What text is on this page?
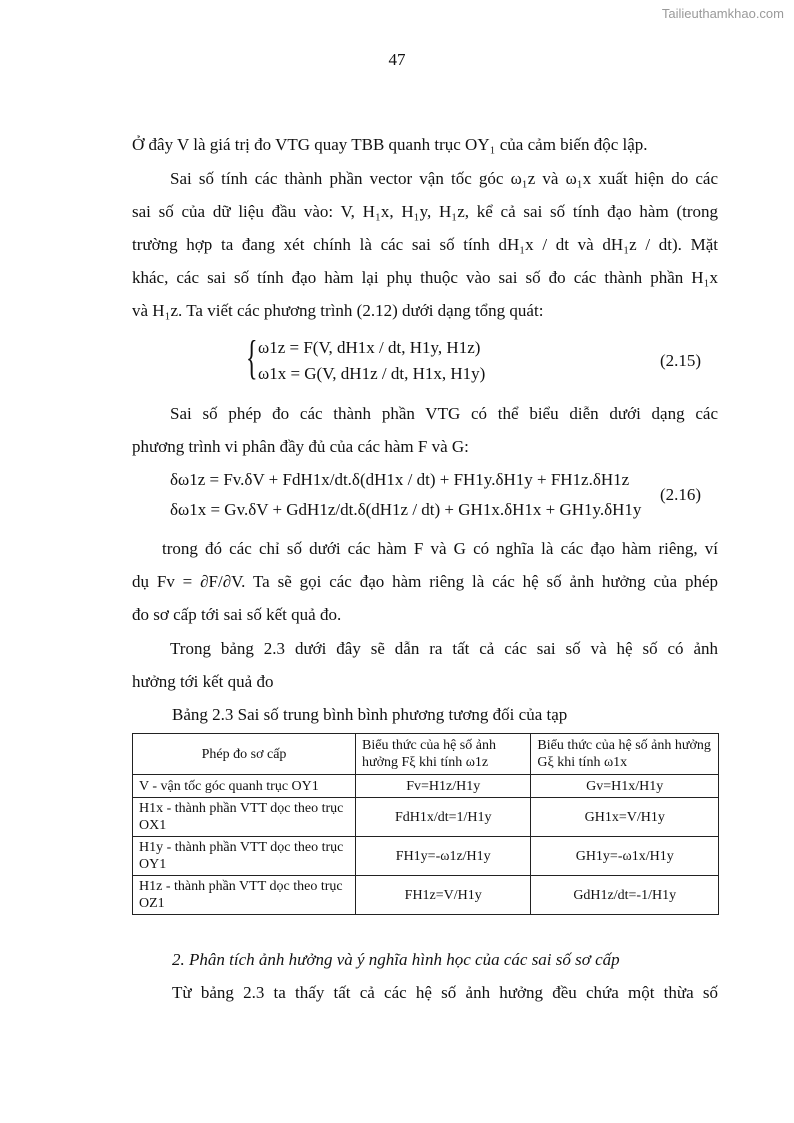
Tailieuthamkhao.com
47
Ở đây V là giá trị đo VTG quay TBB quanh trục OY₁ của cảm biến độc lập.
Sai số tính các thành phần vector vận tốc góc ω₁z và ω₁x xuất hiện do các
sai số của dữ liệu đầu vào: V, H₁x, H₁y, H₁z, kể cả sai số tính đạo hàm (trong
trường hợp ta đang xét chính là các sai số tính dH₁x / dt và dH₁z / dt). Mặt
khác, các sai số tính đạo hàm lại phụ thuộc vào sai số đo các thành phần H₁x
và H₁z. Ta viết các phương trình (2.12) dưới dạng tổng quát:
{ ω1z = F(V, dH1x / dt, H1y, H1z)
ω1x = G(V, dH1z / dt, H1x, H1y)
(2.15)
Sai số phép đo các thành phần VTG có thể biểu diễn dưới dạng các
phương trình vi phân đầy đủ của các hàm F và G:
δω1z = Fv.δV + FdH1x/dt.δ(dH1x / dt) + FH1y.δH1y + FH1z.δH1z
δω1x = Gv.δV + GdH1z/dt.δ(dH1z / dt) + GH1x.δH1x + GH1y.δH1y
(2.16)
trong đó các chỉ số dưới các hàm F và G có nghĩa là các đạo hàm riêng, ví
dụ Fv = ∂F/∂V. Ta sẽ gọi các đạo hàm riêng là các hệ số ảnh hưởng của phép
đo sơ cấp tới sai số kết quả đo.
Trong bảng 2.3 dưới đây sẽ dẫn ra tất cả các sai số và hệ số có ảnh
hưởng tới kết quả đo
Bảng 2.3 Sai số trung bình bình phương tương đối của tạp
Phép đo sơ cấp	Biểu thức của hệ số ảnh hưởng Fξ khi tính ω1z	Biểu thức của hệ số ảnh hưởng Gξ khi tính ω1x
V - vận tốc góc quanh trục OY1	Fv=H1z/H1y	Gv=H1x/H1y
H1x - thành phần VTT dọc theo trục OX1	FdH1x/dt=1/H1y	GH1x=V/H1y
H1y - thành phần VTT dọc theo trục OY1	FH1y=-ω1z/H1y	GH1y=-ω1x/H1y
H1z - thành phần VTT dọc theo trục OZ1	FH1z=V/H1y	GdH1z/dt=-1/H1y
2. Phân tích ảnh hưởng và ý nghĩa hình học của các sai số sơ cấp
Từ bảng 2.3 ta thấy tất cả các hệ số ảnh hưởng đều chứa một thừa số
